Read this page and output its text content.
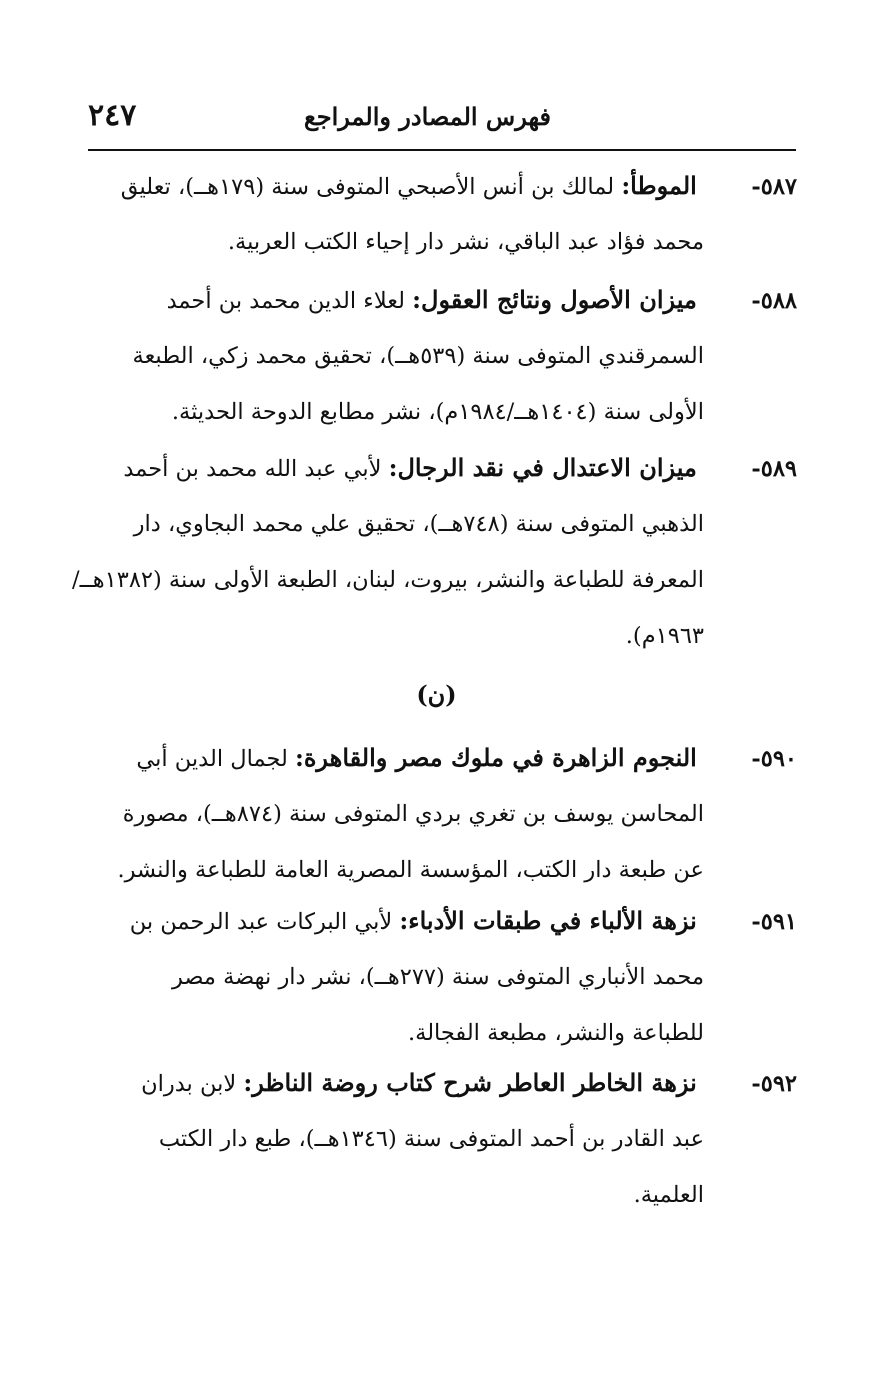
٢٤٧	فهرس المصادر والمراجع
٥٨٧- الموطأ: لمالك بن أنس الأصبحي المتوفى سنة (١٧٩هــ)، تعليق
محمد فؤاد عبد الباقي، نشر دار إحياء الكتب العربية.
٥٨٨- ميزان الأصول ونتائج العقول: لعلاء الدين محمد بن أحمد
السمرقندي المتوفى سنة (٥٣٩هــ)، تحقيق محمد زكي، الطبعة
الأولى سنة (١٤٠٤هــ/١٩٨٤م)، نشر مطابع الدوحة الحديثة.
٥٨٩- ميزان الاعتدال في نقد الرجال: لأبي عبد الله محمد بن أحمد
الذهبي المتوفى سنة (٧٤٨هــ)، تحقيق علي محمد البجاوي، دار
المعرفة للطباعة والنشر، بيروت، لبنان، الطبعة الأولى سنة (١٣٨٢هــ/
١٩٦٣م).
(ن)
٥٩٠- النجوم الزاهرة في ملوك مصر والقاهرة: لجمال الدين أبي
المحاسن يوسف بن تغري بردي المتوفى سنة (٨٧٤هــ)، مصورة
عن طبعة دار الكتب، المؤسسة المصرية العامة للطباعة والنشر.
٥٩١- نزهة الألباء في طبقات الأدباء: لأبي البركات عبد الرحمن بن
محمد الأنباري المتوفى سنة (٢٧٧هــ)، نشر دار نهضة مصر
للطباعة والنشر، مطبعة الفجالة.
٥٩٢- نزهة الخاطر العاطر شرح كتاب روضة الناظر: لابن بدران
عبد القادر بن أحمد المتوفى سنة (١٣٤٦هــ)، طبع دار الكتب
العلمية.
